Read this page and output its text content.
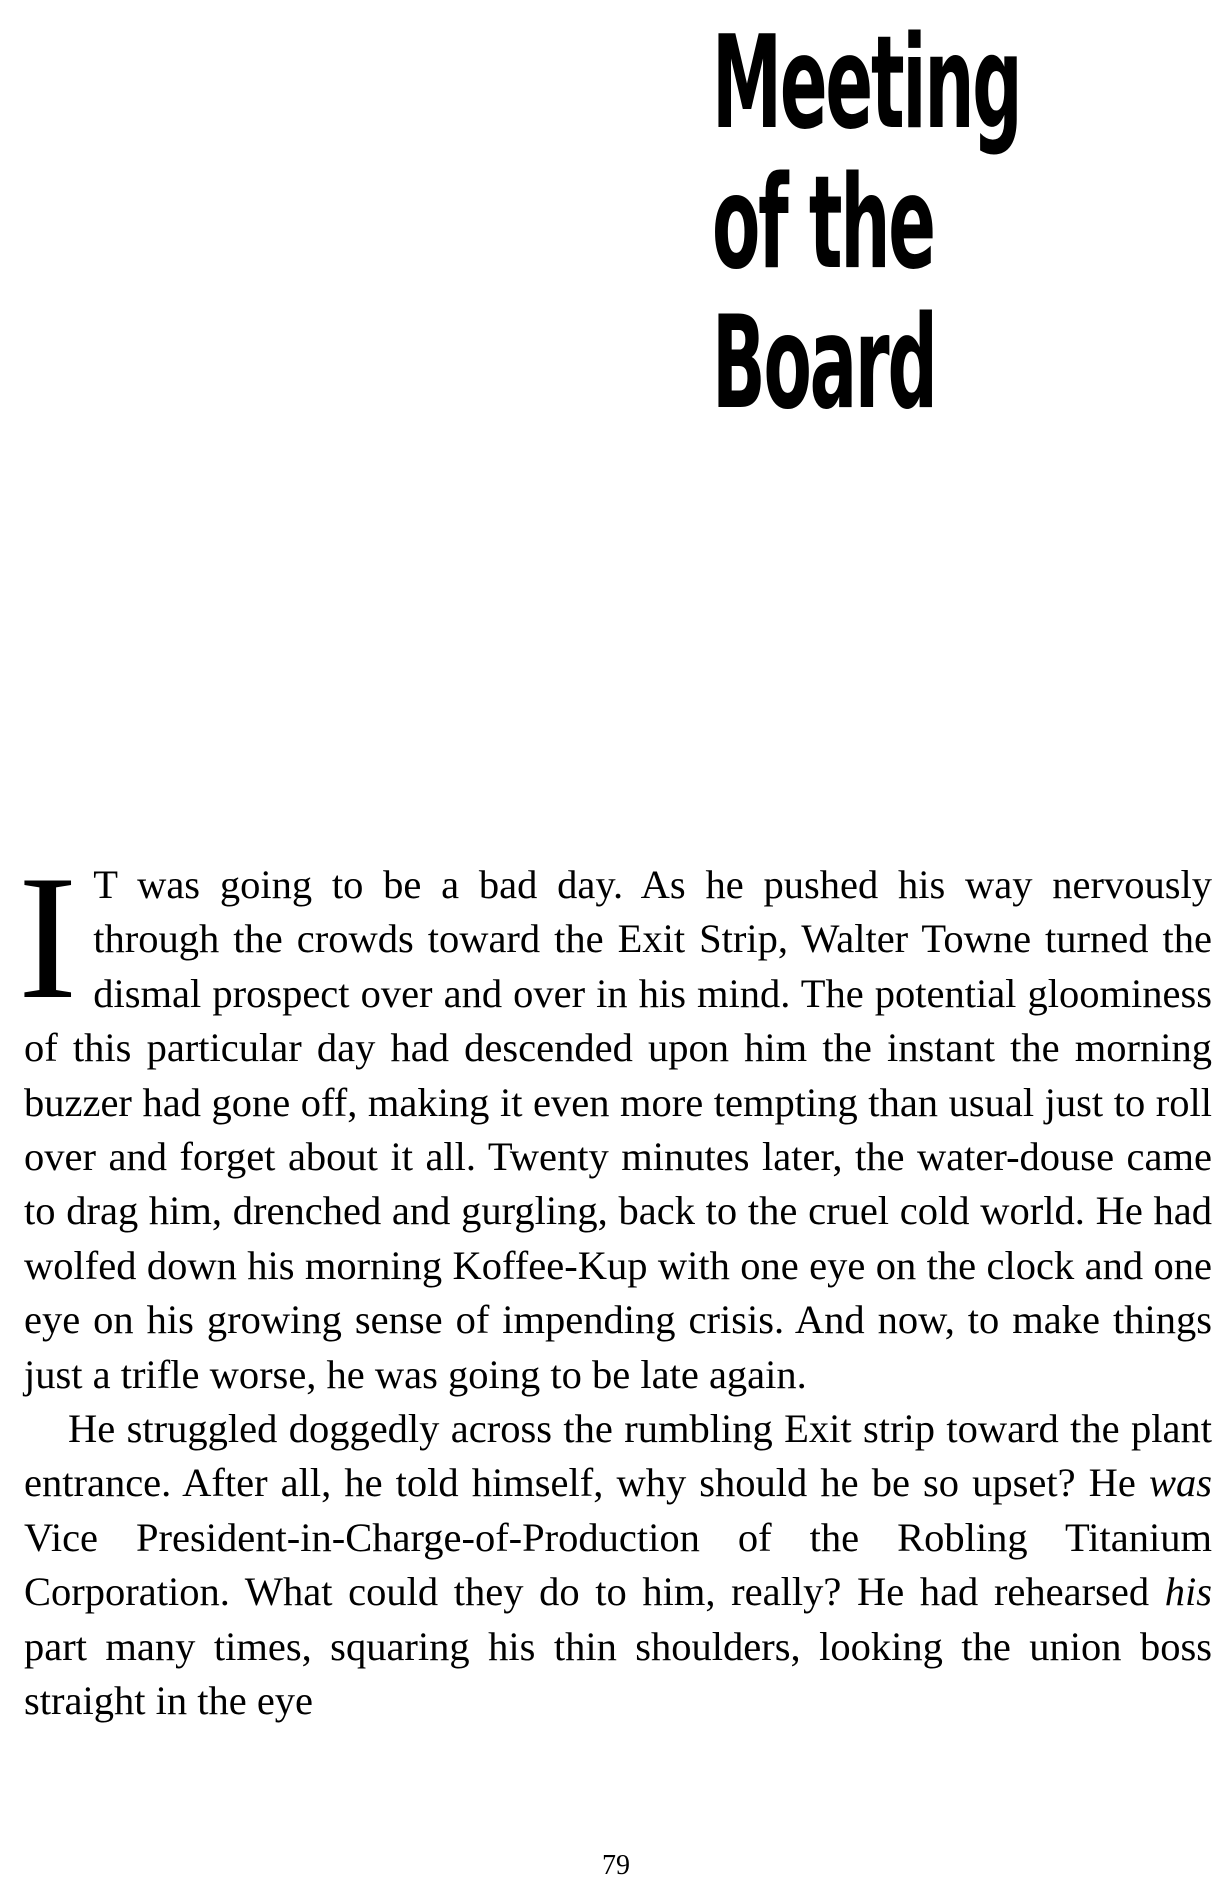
Meeting
of the
Board

I T was going to be a bad day. As he pushed his way nervously through the crowds toward the Exit Strip, Walter Towne turned the dismal prospect over and over in his mind. The potential gloominess of this particular day had descended upon him the instant the morning buzzer had gone off, making it even more tempting than usual just to roll over and forget about it all. Twenty minutes later, the water-douse came to drag him, drenched and gurgling, back to the cruel cold world. He had wolfed down his morning Koffee-Kup with one eye on the clock and one eye on his growing sense of impending crisis. And now, to make things just a trifle worse, he was going to be late again.

He struggled doggedly across the rumbling Exit strip toward the plant entrance. After all, he told himself, why should he be so upset? He was Vice President-in-Charge-of-Production of the Robling Titanium Corporation. What could they do to him, really? He had rehearsed his part many times, squaring his thin shoulders, looking the union boss straight in the eye

79
